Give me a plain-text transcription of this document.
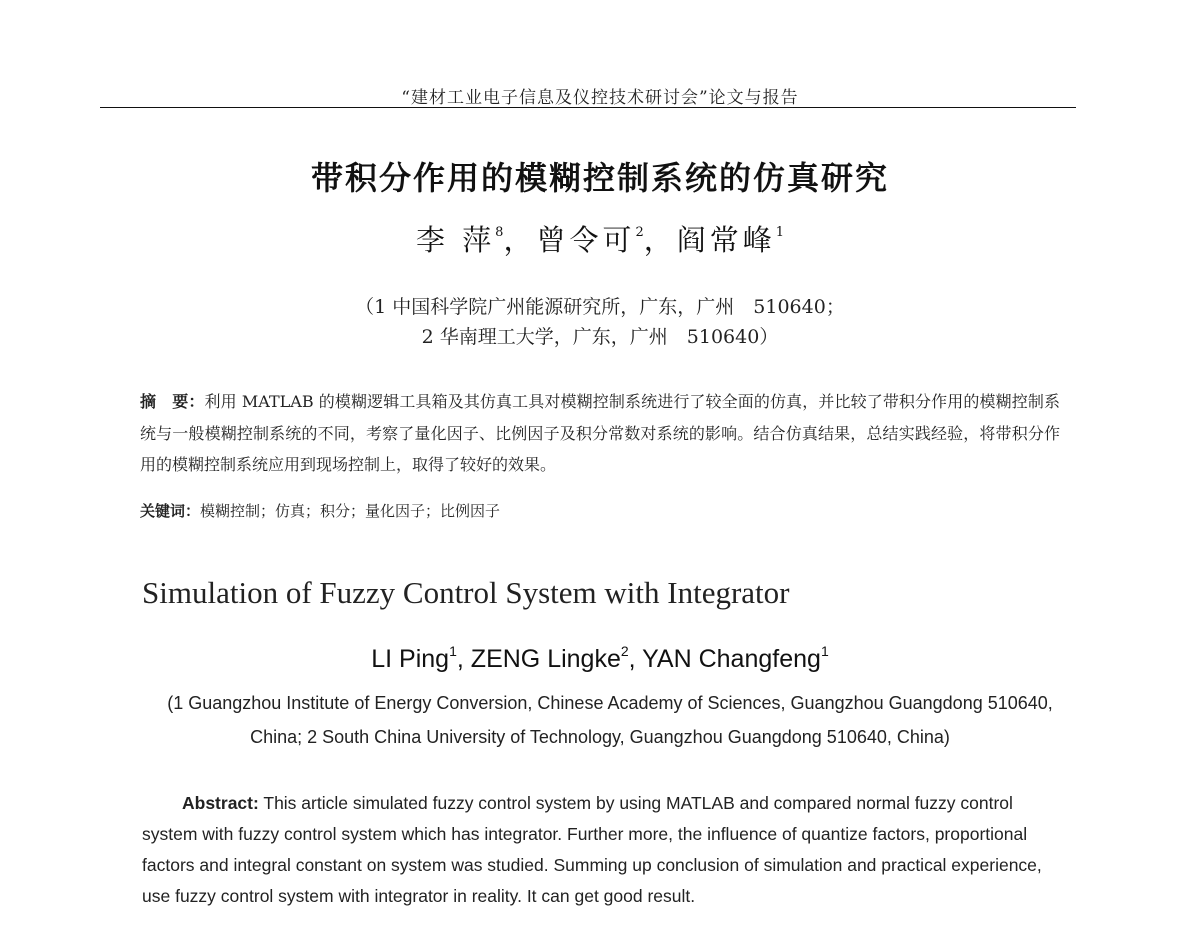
“建材工业电子信息及仪控技术研讨会”论文与报告
带积分作用的模糊控制系统的仿真研究
李 萍$^8$，曾令可$^2$，阎常峰$^1$
（1 中国科学院广州能源研究所，广东，广州　510640；
2 华南理工大学，广东，广州　510640）
摘　要：利用 MATLAB 的模糊逻辑工具箱及其仿真工具对模糊控制系统进行了较全面的仿真，并比较了带积分作用的模糊控制系统与一般模糊控制系统的不同，考察了量化因子、比例因子及积分常数对系统的影响。结合仿真结果，总结实践经验，将带积分作用的模糊控制系统应用到现场控制上，取得了较好的效果。
关键词：模糊控制；仿真；积分；量化因子；比例因子
Simulation of Fuzzy Control System with Integrator
LI Ping$^1$, ZENG Lingke$^2$, YAN Changfeng$^1$
(1 Guangzhou Institute of Energy Conversion, Chinese Academy of Sciences, Guangzhou Guangdong 510640,
China; 2 South China University of Technology, Guangzhou Guangdong 510640, China)
Abstract: This article simulated fuzzy control system by using MATLAB and compared normal fuzzy control system with fuzzy control system which has integrator. Further more, the influence of quantize factors, proportional factors and integral constant on system was studied. Summing up conclusion of simulation and practical experience, use fuzzy control system with integrator in reality. It can get good result.
